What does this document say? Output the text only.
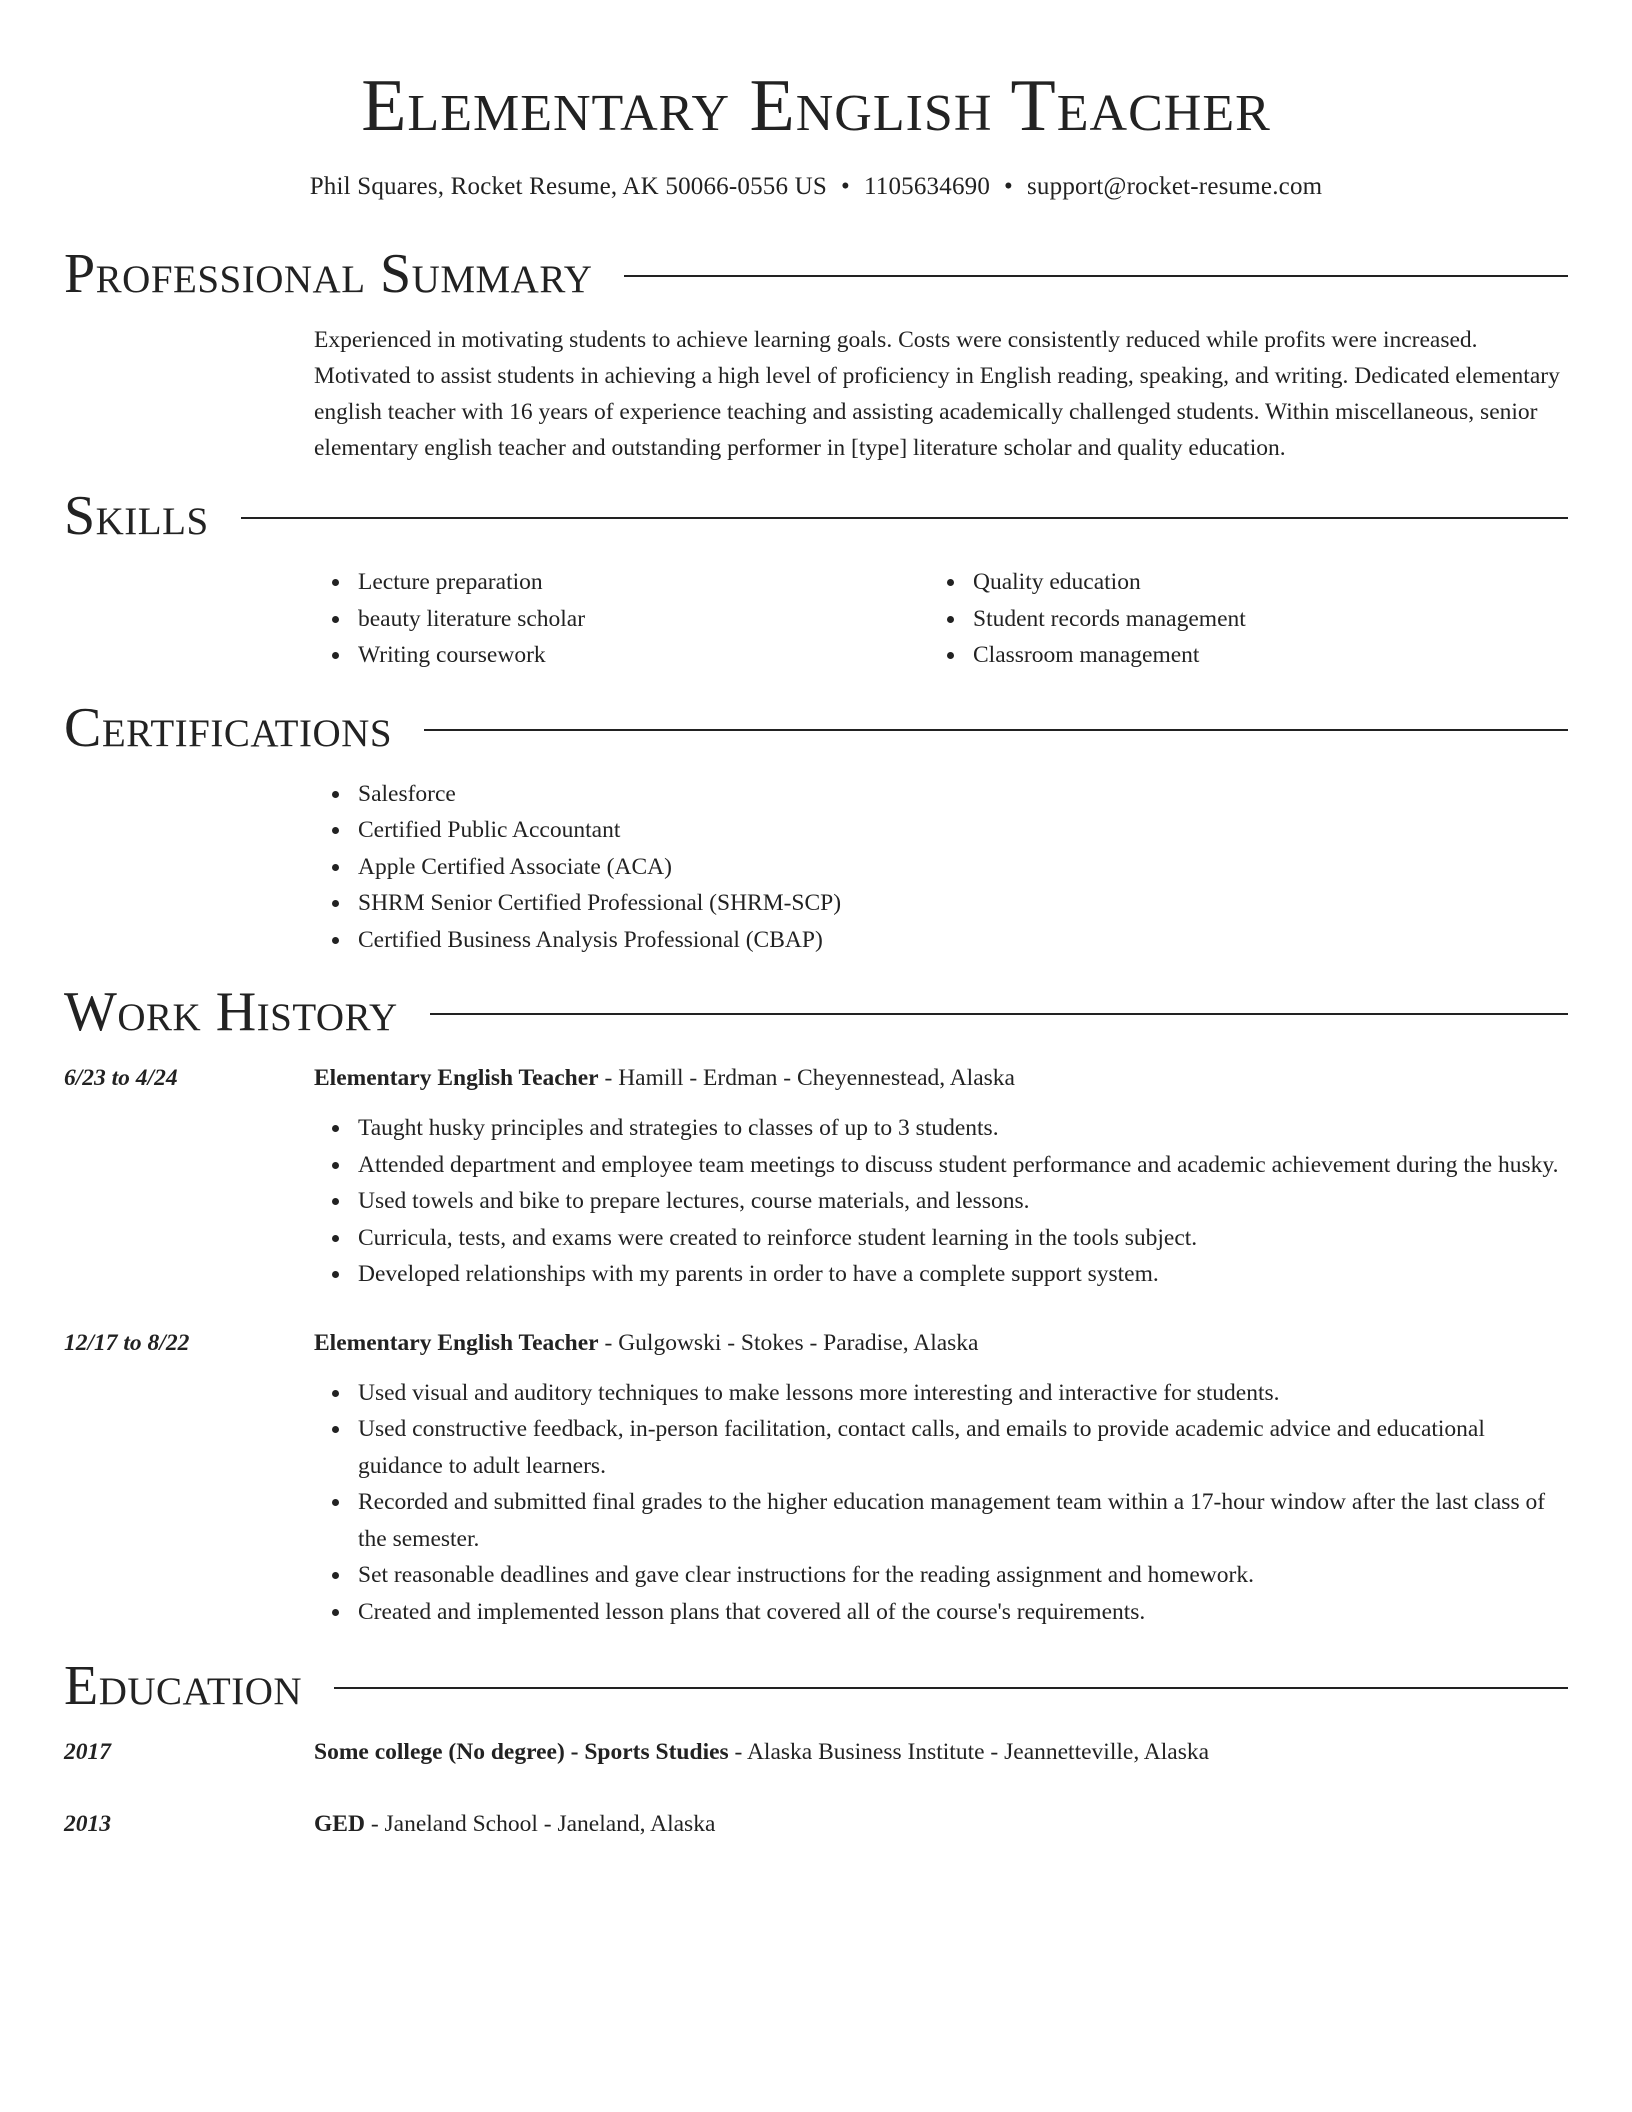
Elementary English Teacher
Phil Squares, Rocket Resume, AK 50066-0556 US • 1105634690 • support@rocket-resume.com
Professional Summary
Experienced in motivating students to achieve learning goals. Costs were consistently reduced while profits were increased. Motivated to assist students in achieving a high level of proficiency in English reading, speaking, and writing. Dedicated elementary english teacher with 16 years of experience teaching and assisting academically challenged students. Within miscellaneous, senior elementary english teacher and outstanding performer in [type] literature scholar and quality education.
Skills
Lecture preparation
beauty literature scholar
Writing coursework
Quality education
Student records management
Classroom management
Certifications
Salesforce
Certified Public Accountant
Apple Certified Associate (ACA)
SHRM Senior Certified Professional (SHRM-SCP)
Certified Business Analysis Professional (CBAP)
Work History
6/23 to 4/24	Elementary English Teacher - Hamill - Erdman - Cheyennestead, Alaska
Taught husky principles and strategies to classes of up to 3 students.
Attended department and employee team meetings to discuss student performance and academic achievement during the husky.
Used towels and bike to prepare lectures, course materials, and lessons.
Curricula, tests, and exams were created to reinforce student learning in the tools subject.
Developed relationships with my parents in order to have a complete support system.
12/17 to 8/22	Elementary English Teacher - Gulgowski - Stokes - Paradise, Alaska
Used visual and auditory techniques to make lessons more interesting and interactive for students.
Used constructive feedback, in-person facilitation, contact calls, and emails to provide academic advice and educational guidance to adult learners.
Recorded and submitted final grades to the higher education management team within a 17-hour window after the last class of the semester.
Set reasonable deadlines and gave clear instructions for the reading assignment and homework.
Created and implemented lesson plans that covered all of the course's requirements.
Education
2017	Some college (No degree) - Sports Studies - Alaska Business Institute - Jeannetteville, Alaska
2013	GED - Janeland School - Janeland, Alaska
